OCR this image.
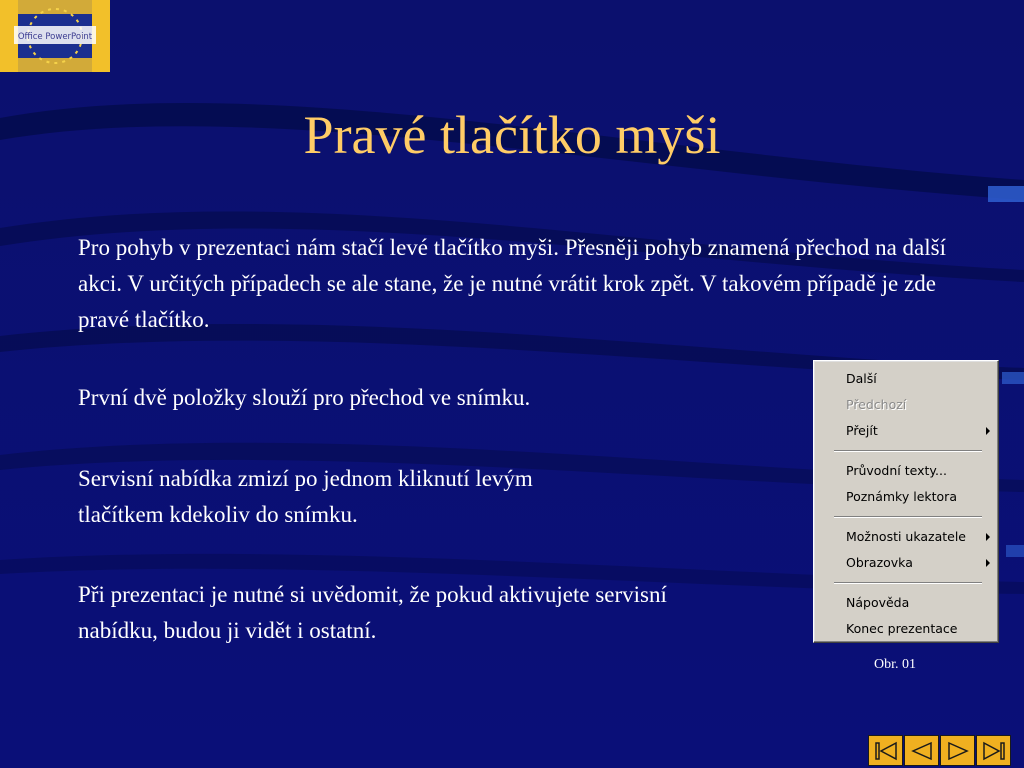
Office PowerPoint
Pravé tlačítko myši
Pro pohyb v prezentaci nám stačí levé tlačítko myši. Přesněji pohyb znamená přechod na další akci. V určitých případech se ale stane, že je nutné vrátit krok zpět. V takovém případě je zde pravé tlačítko.
První dvě položky slouží pro přechod ve snímku.
Servisní nabídka zmizí po jednom kliknutí levým tlačítkem kdekoliv do snímku.
Při prezentaci je nutné si uvědomit, že pokud aktivujete servisní nabídku, budou ji vidět i ostatní.
Další
Předchozí
Přejít
Průvodní texty...
Poznámky lektora
Možnosti ukazatele
Obrazovka
Nápověda
Konec prezentace
Obr. 01
